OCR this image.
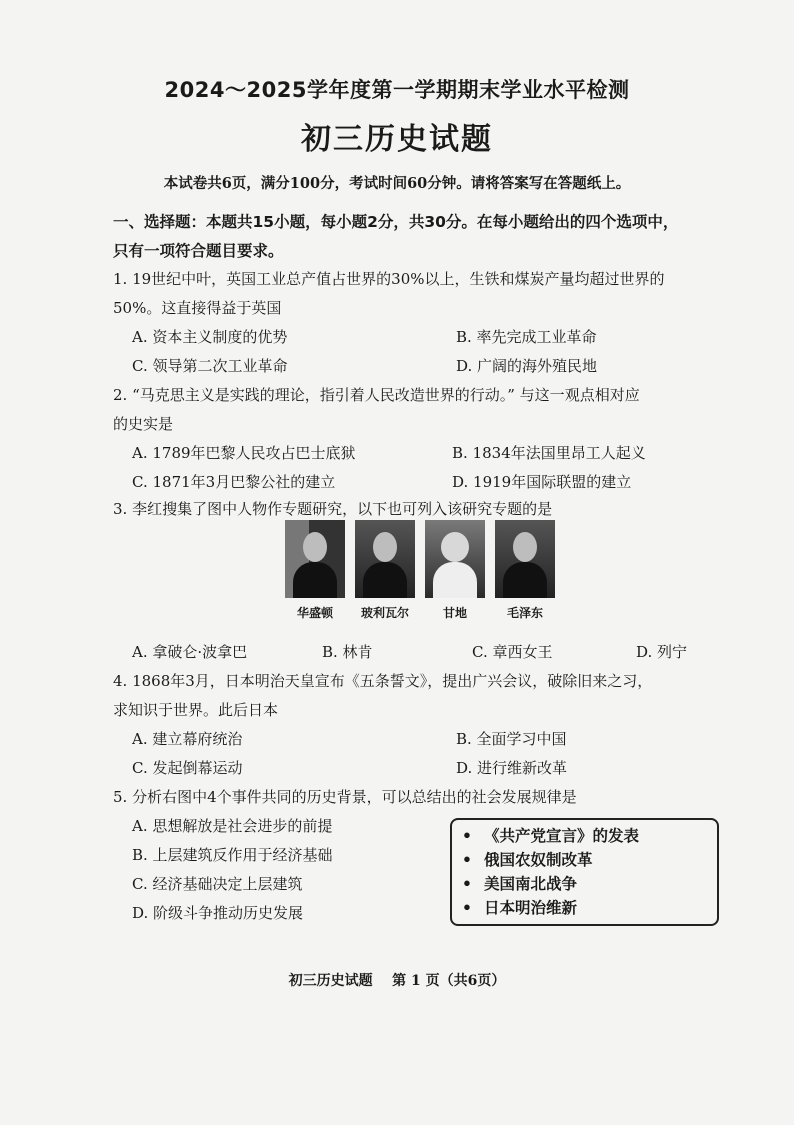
2024～2025学年度第一学期期末学业水平检测
初三历史试题
本试卷共6页，满分100分，考试时间60分钟。请将答案写在答题纸上。
一、选择题：本题共15小题，每小题2分，共30分。在每小题给出的四个选项中，
只有一项符合题目要求。
1. 19世纪中叶，英国工业总产值占世界的30%以上，生铁和煤炭产量均超过世界的
50%。这直接得益于英国
A. 资本主义制度的优势	B. 率先完成工业革命
C. 领导第二次工业革命	D. 广阔的海外殖民地
2. “马克思主义是实践的理论，指引着人民改造世界的行动。” 与这一观点相对应
的史实是
A. 1789年巴黎人民攻占巴士底狱	B. 1834年法国里昂工人起义
C. 1871年3月巴黎公社的建立	D. 1919年国际联盟的建立
3. 李红搜集了图中人物作专题研究，以下也可列入该研究专题的是
华盛顿	玻利瓦尔	甘地	毛泽东
A. 拿破仑·波拿巴	B. 林肯	C. 章西女王	D. 列宁
4. 1868年3月，日本明治天皇宣布《五条誓文》，提出广兴会议，破除旧来之习，
求知识于世界。此后日本
A. 建立幕府统治	B. 全面学习中国
C. 发起倒幕运动	D. 进行维新改革
5. 分析右图中4个事件共同的历史背景，可以总结出的社会发展规律是
A. 思想解放是社会进步的前提
B. 上层建筑反作用于经济基础
C. 经济基础决定上层建筑
D. 阶级斗争推动历史发展
• 《共产党宣言》的发表
• 俄国农奴制改革
• 美国南北战争
• 日本明治维新
初三历史试题    第 1 页（共6页）
